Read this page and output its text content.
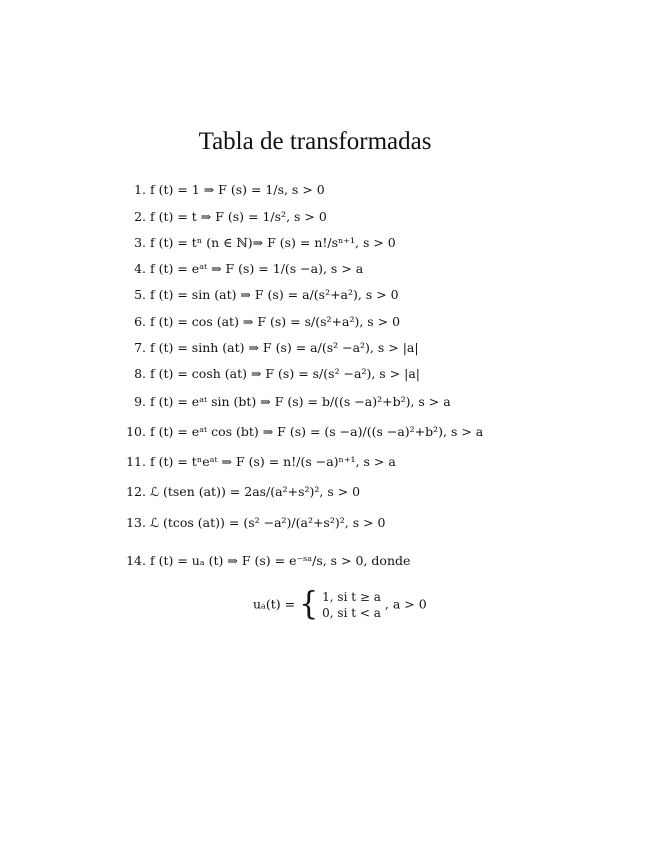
Tabla de transformadas
1. f (t) = 1 ⇒ F (s) = 1/s, s > 0
2. f (t) = t ⇒ F (s) = 1/s², s > 0
3. f (t) = tⁿ (n ∈ ℕ)⇒ F (s) = n!/sⁿ⁺¹, s > 0
4. f (t) = eᵃᵗ ⇒ F (s) = 1/(s −a), s > a
5. f (t) = sin (at) ⇒ F (s) = a/(s²+a²), s > 0
6. f (t) = cos (at) ⇒ F (s) = s/(s²+a²), s > 0
7. f (t) = sinh (at) ⇒ F (s) = a/(s² −a²), s > |a|
8. f (t) = cosh (at) ⇒ F (s) = s/(s² −a²), s > |a|
9. f (t) = eᵃᵗ sin (bt) ⇒ F (s) = b/((s −a)²+b²), s > a
10. f (t) = eᵃᵗ cos (bt) ⇒ F (s) = (s −a)/((s −a)²+b²), s > a
11. f (t) = tⁿeᵃᵗ ⇒ F (s) = n!/(s −a)ⁿ⁺¹, s > a
12. ℒ (tsen (at)) = 2as/(a²+s²)², s > 0
13. ℒ (tcos (at)) = (s² −a²)/(a²+s²)², s > 0
14. f (t) = uₐ (t) ⇒ F (s) = e⁻ˢᵃ/s, s > 0, donde
uₐ(t) = { 1, si t ≥ a
0, si t < a
, a > 0
